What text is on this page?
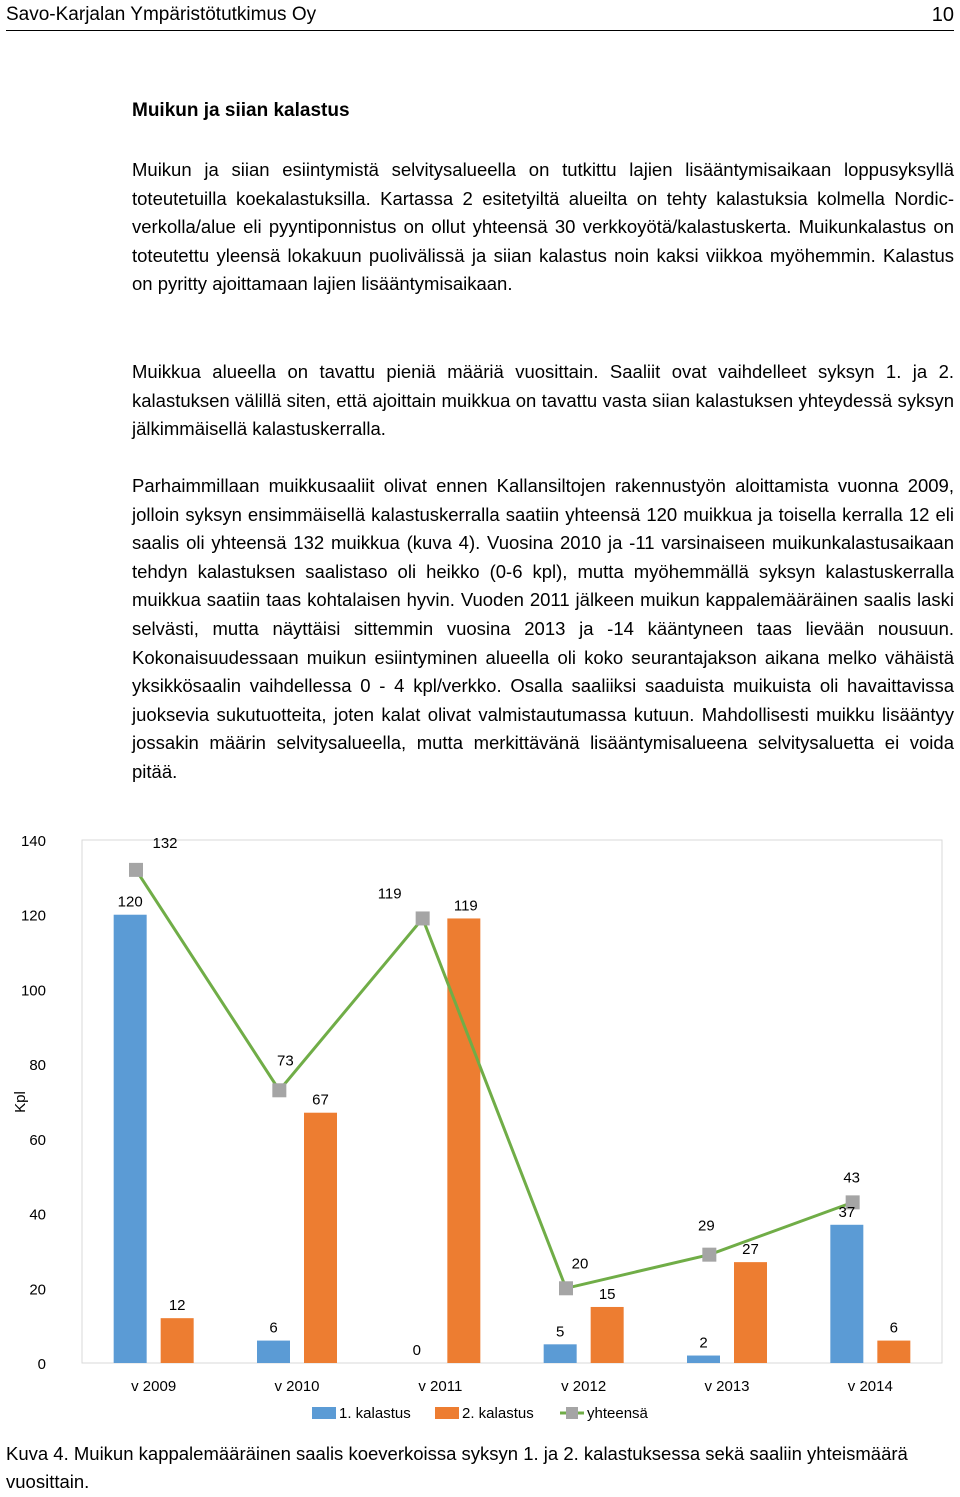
Savo-Karjalan Ympäristötutkimus Oy	10
Muikun ja siian kalastus

Muikun ja siian esiintymistä selvitysalueella on tutkittu lajien lisääntymisaikaan loppusyksyllä toteutetuilla koekalastuksilla. Kartassa 2 esitetyiltä alueilta on tehty kalastuksia kolmella Nordic-verkolla/alue eli pyyntiponnistus on ollut yhteensä 30 verkkoyötä/kalastuskerta. Muikunkalastus on toteutettu yleensä lokakuun puolivälissä ja siian kalastus noin kaksi viikkoa myöhemmin. Kalastus on pyritty ajoittamaan lajien lisääntymisaikaan.

Muikkua alueella on tavattu pieniä määriä vuosittain. Saaliit ovat vaihdelleet syksyn 1. ja 2. kalastuksen välillä siten, että ajoittain muikkua on tavattu vasta siian kalastuksen yhteydessä syksyn jälkimmäisellä kalastuskerralla.

Parhaimmillaan muikkusaaliit olivat ennen Kallansiltojen rakennustyön aloittamista vuonna 2009, jolloin syksyn ensimmäisellä kalastuskerralla saatiin yhteensä 120 muikkua ja toisella kerralla 12 eli saalis oli yhteensä 132 muikkua (kuva 4). Vuosina 2010 ja -11 varsinaiseen muikunkalastusaikaan tehdyn kalastuksen saalistaso oli heikko (0-6 kpl), mutta myöhemmällä syksyn kalastuskerralla muikkua saatiin taas kohtalaisen hyvin. Vuoden 2011 jälkeen muikun kappalemääräinen saalis laski selvästi, mutta näyttäisi sittemmin vuosina 2013 ja -14 kääntyneen taas lievään nousuun. Kokonaisuudessaan muikun esiintyminen alueella oli koko seurantajakson aikana melko vähäistä yksikkösaalin vaihdellessa 0 - 4 kpl/verkko. Osalla saaliiksi saaduista muikuista oli havaittavissa juoksevia sukutuotteita, joten kalat olivat valmistautumassa kutuun. Mahdollisesti muikku lisääntyy jossakin määrin selvitysalueella, mutta merkittävänä lisääntymisalueena selvitysaluetta ei voida pitää.

0
20
40
60
80
100
120
140
Kpl
v 2009	v 2010	v 2011	v 2012	v 2013	v 2014
120
12
6
67
0
119
5
15
2
27
37
6
132
73
119
20
29
43
1. kalastus	2. kalastus	yhteensä

Kuva 4. Muikun kappalemääräinen saalis koeverkoissa syksyn 1. ja 2. kalastuksessa sekä saaliin yhteismäärä vuosittain.
